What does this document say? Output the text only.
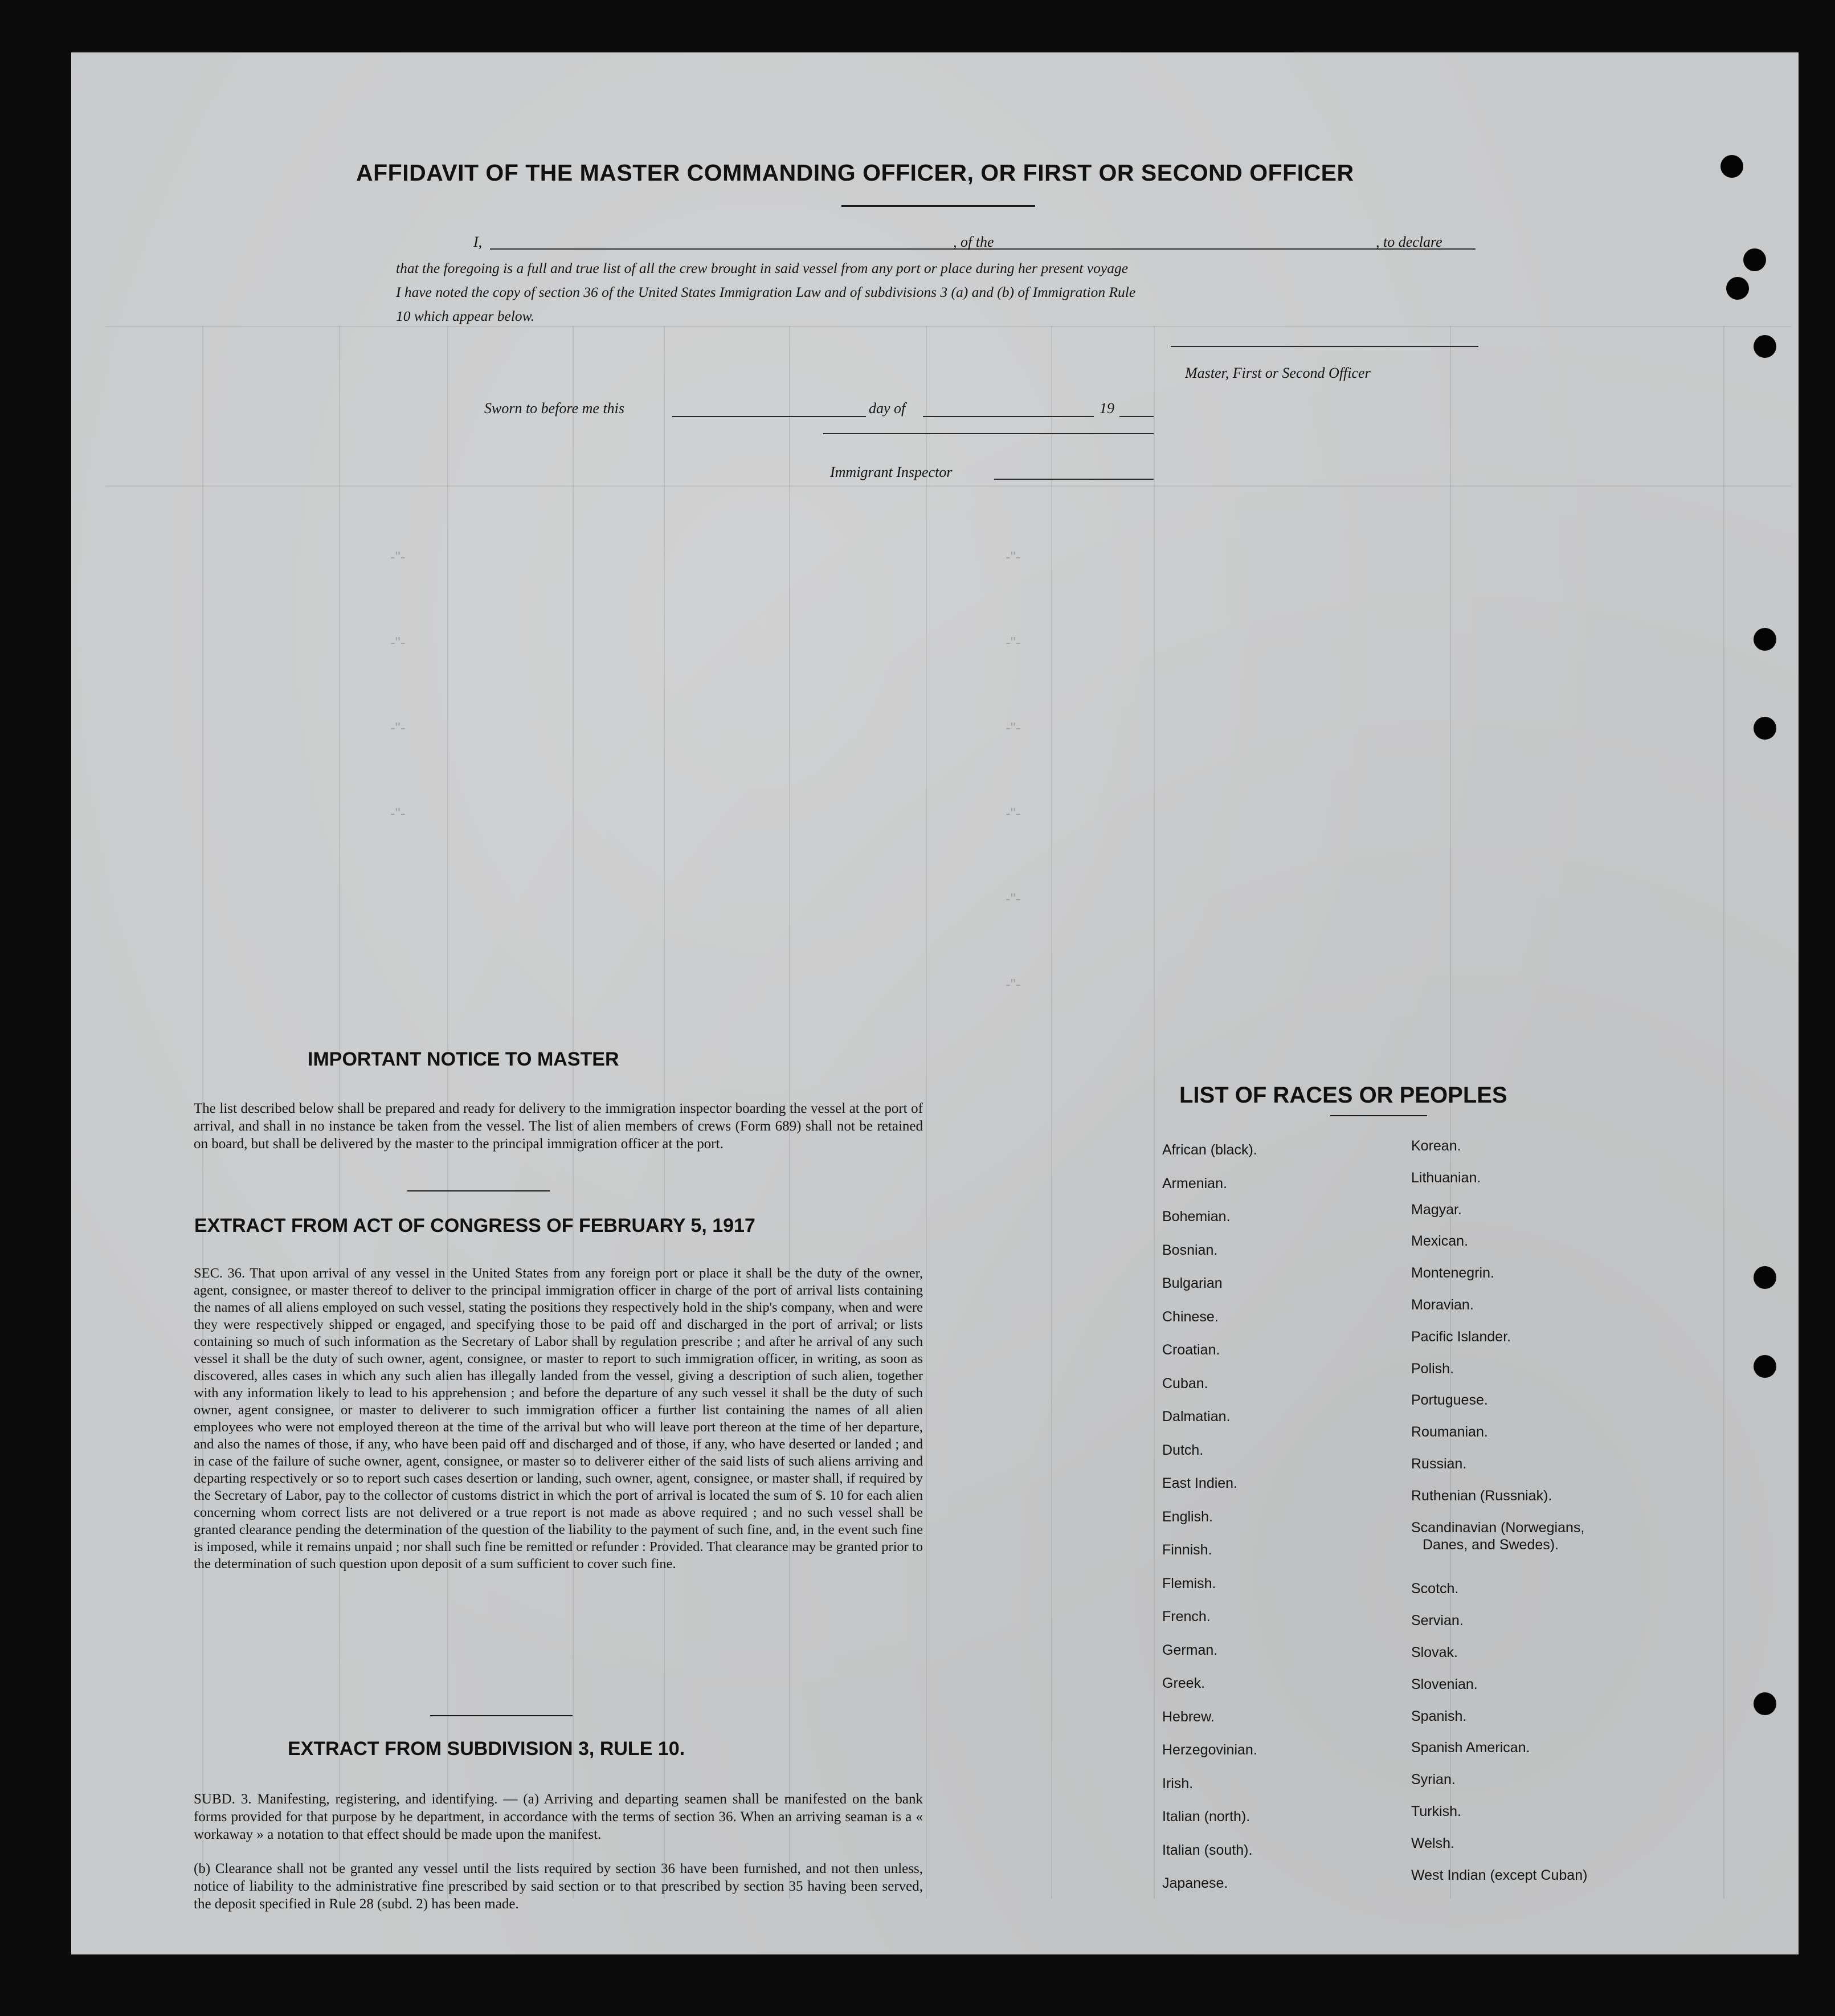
AFFIDAVIT OF THE MASTER COMMANDING OFFICER, OR FIRST OR SECOND OFFICER
I,	, of the	, to declare
that the foregoing is a full and true list of all the crew brought in said vessel from any port or place during her present voyage
I have noted the copy of section 36 of the United States Immigration Law and of subdivisions 3 (a) and (b) of Immigration Rule
10 which appear below.
Master, First or Second Officer
Sworn to before me this	day of	19
Immigrant Inspector
IMPORTANT NOTICE TO MASTER
The list described below shall be prepared and ready for delivery to the immigration inspector boarding the vessel at the port of arrival, and shall in no instance be taken from the vessel. The list of alien members of crews (Form 689) shall not be retained on board, but shall be delivered by the master to the principal immigration officer at the port.
EXTRACT FROM ACT OF CONGRESS OF FEBRUARY 5, 1917
SEC. 36. That upon arrival of any vessel in the United States from any foreign port or place it shall be the duty of the owner, agent, consignee, or master thereof to deliver to the principal immigration officer in charge of the port of arrival lists containing the names of all aliens employed on such vessel, stating the positions they respectively hold in the ship's company, when and were they were respectively shipped or engaged, and specifying those to be paid off and discharged in the port of arrival; or lists containing so much of such information as the Secretary of Labor shall by regulation prescribe ; and after he arrival of any such vessel it shall be the duty of such owner, agent, consignee, or master to report to such immigration officer, in writing, as soon as discovered, alles cases in which any such alien has illegally landed from the vessel, giving a description of such alien, together with any information likely to lead to his apprehension ; and before the departure of any such vessel it shall be the duty of such owner, agent consignee, or master to deliverer to such immigration officer a further list containing the names of all alien employees who were not employed thereon at the time of the arrival but who will leave port thereon at the time of her departure, and also the names of those, if any, who have been paid off and discharged and of those, if any, who have deserted or landed ; and in case of the failure of suche owner, agent, consignee, or master so to deliverer either of the said lists of such aliens arriving and departing respectively or so to report such cases desertion or landing, such owner, agent, consignee, or master shall, if required by the Secretary of Labor, pay to the collector of customs district in which the port of arrival is located the sum of $. 10 for each alien concerning whom correct lists are not delivered or a true report is not made as above required ; and no such vessel shall be granted clearance pending the determination of the question of the liability to the payment of such fine, and, in the event such fine is imposed, while it remains unpaid ; nor shall such fine be remitted or refunder : Provided. That clearance may be granted prior to the determination of such question upon deposit of a sum sufficient to cover such fine.
EXTRACT FROM SUBDIVISION 3, RULE 10.
SUBD. 3. Manifesting, registering, and identifying. — (a) Arriving and departing seamen shall be manifested on the bank forms provided for that purpose by he department, in accordance with the terms of section 36. When an arriving seaman is a « workaway » a notation to that effect should be made upon the manifest.
(b) Clearance shall not be granted any vessel until the lists required by section 36 have been furnished, and not then unless, notice of liability to the administrative fine prescribed by said section or to that prescribed by section 35 having been served, the deposit specified in Rule 28 (subd. 2) has been made.
LIST OF RACES OR PEOPLES
African (black).
Armenian.
Bohemian.
Bosnian.
Bulgarian
Chinese.
Croatian.
Cuban.
Dalmatian.
Dutch.
East Indien.
English.
Finnish.
Flemish.
French.
German.
Greek.
Hebrew.
Herzegovinian.
Irish.
Italian (north).
Italian (south).
Japanese.
Korean.
Lithuanian.
Magyar.
Mexican.
Montenegrin.
Moravian.
Pacific Islander.
Polish.
Portuguese.
Roumanian.
Russian.
Ruthenian (Russniak).
Scandinavian (Norwegians,
Danes, and Swedes).
Scotch.
Servian.
Slovak.
Slovenian.
Spanish.
Spanish American.
Syrian.
Turkish.
Welsh.
West Indian (except Cuban)
-"-
-"-
-"-
-"-
-"-
-"-
-"-
-"-
-"-
-"-
